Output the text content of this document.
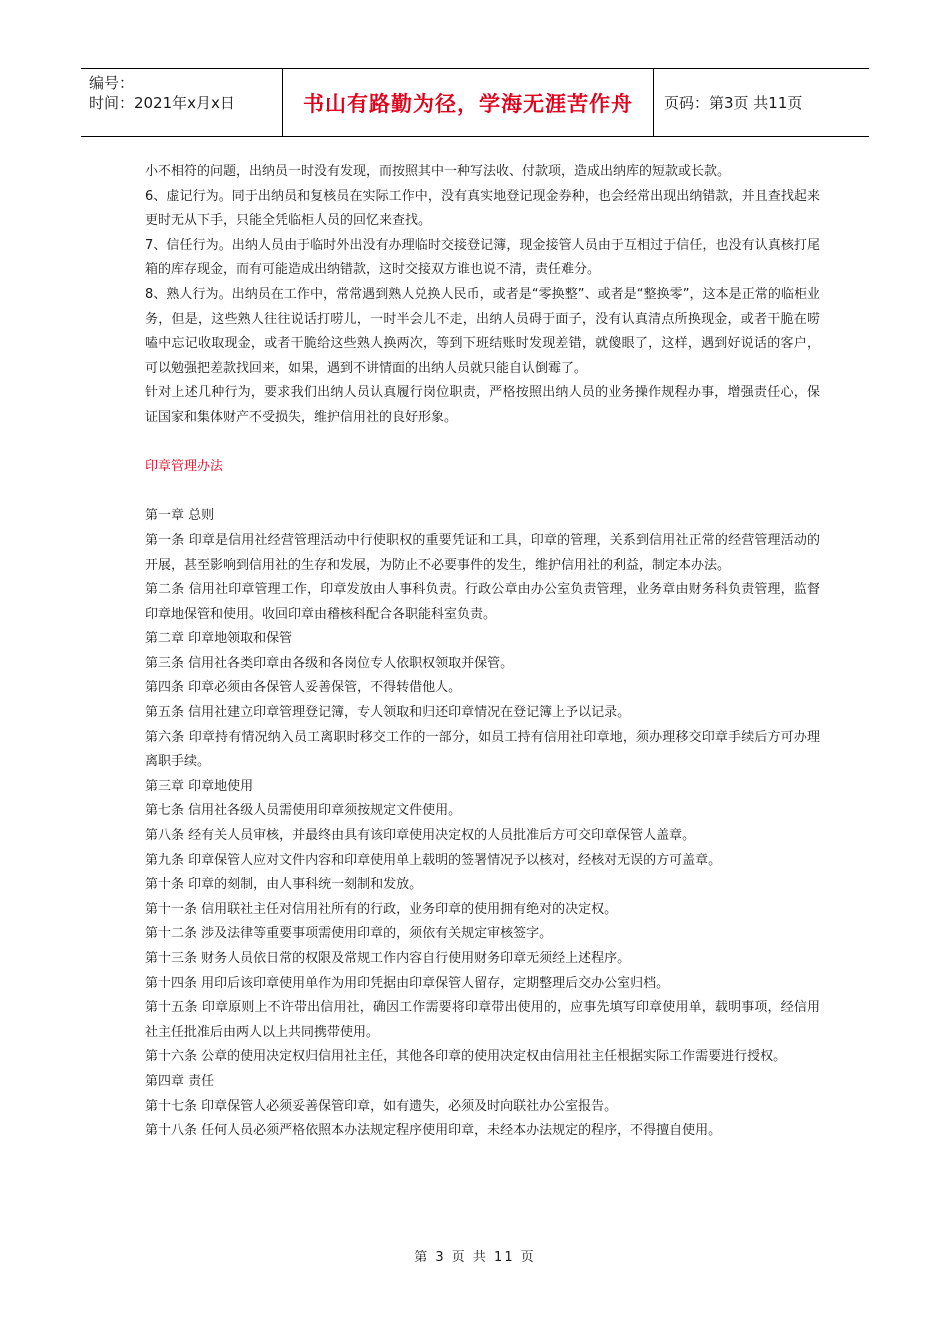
编号：
时间：2021年x月x日	书山有路勤为径，学海无涯苦作舟 页码：第3页 共11页

小不相符的问题，出纳员一时没有发现，而按照其中一种写法收、付款项，造成出纳库的短款或长款。

6、虚记行为。同于出纳员和复核员在实际工作中，没有真实地登记现金券种，也会经常出现出纳错款，并且查找起来更时无从下手，只能全凭临柜人员的回忆来查找。

7、信任行为。出纳人员由于临时外出没有办理临时交接登记簿，现金接管人员由于互相过于信任，也没有认真核打尾箱的库存现金，而有可能造成出纳错款，这时交接双方谁也说不清，责任难分。

8、熟人行为。出纳员在工作中，常常遇到熟人兑换人民币，或者是“零换整”、或者是“整换零”，这本是正常的临柜业务，但是，这些熟人往往说话打唠儿，一时半会儿不走，出纳人员碍于面子，没有认真清点所换现金，或者干脆在唠嗑中忘记收取现金，或者干脆给这些熟人换两次，等到下班结账时发现差错，就傻眼了，这样，遇到好说话的客户，可以勉强把差款找回来，如果，遇到不讲情面的出纳人员就只能自认倒霉了。

针对上述几种行为，要求我们出纳人员认真履行岗位职责，严格按照出纳人员的业务操作规程办事，增强责任心，保证国家和集体财产不受损失，维护信用社的良好形象。

印章管理办法

第一章 总则

第一条 印章是信用社经营管理活动中行使职权的重要凭证和工具，印章的管理，关系到信用社正常的经营管理活动的开展，甚至影响到信用社的生存和发展，为防止不必要事件的发生，维护信用社的利益，制定本办法。

第二条 信用社印章管理工作，印章发放由人事科负责。行政公章由办公室负责管理，业务章由财务科负责管理，监督印章地保管和使用。收回印章由稽核科配合各职能科室负责。

第二章 印章地领取和保管

第三条 信用社各类印章由各级和各岗位专人依职权领取并保管。

第四条 印章必须由各保管人妥善保管，不得转借他人。

第五条 信用社建立印章管理登记簿，专人领取和归还印章情况在登记簿上予以记录。

第六条 印章持有情况纳入员工离职时移交工作的一部分，如员工持有信用社印章地，须办理移交印章手续后方可办理离职手续。

第三章 印章地使用

第七条 信用社各级人员需使用印章须按规定文件使用。

第八条 经有关人员审核，并最终由具有该印章使用决定权的人员批准后方可交印章保管人盖章。

第九条 印章保管人应对文件内容和印章使用单上载明的签署情况予以核对，经核对无误的方可盖章。

第十条 印章的刻制，由人事科统一刻制和发放。

第十一条 信用联社主任对信用社所有的行政，业务印章的使用拥有绝对的决定权。

第十二条 涉及法律等重要事项需使用印章的，须依有关规定审核签字。

第十三条 财务人员依日常的权限及常规工作内容自行使用财务印章无须经上述程序。

第十四条 用印后该印章使用单作为用印凭据由印章保管人留存，定期整理后交办公室归档。

第十五条 印章原则上不许带出信用社，确因工作需要将印章带出使用的，应事先填写印章使用单，载明事项，经信用社主任批准后由两人以上共同携带使用。

第十六条 公章的使用决定权归信用社主任，其他各印章的使用决定权由信用社主任根据实际工作需要进行授权。

第四章 责任

第十七条 印章保管人必须妥善保管印章，如有遗失，必须及时向联社办公室报告。

第十八条 任何人员必须严格依照本办法规定程序使用印章，未经本办法规定的程序，不得擅自使用。

第 3 页 共 11 页
